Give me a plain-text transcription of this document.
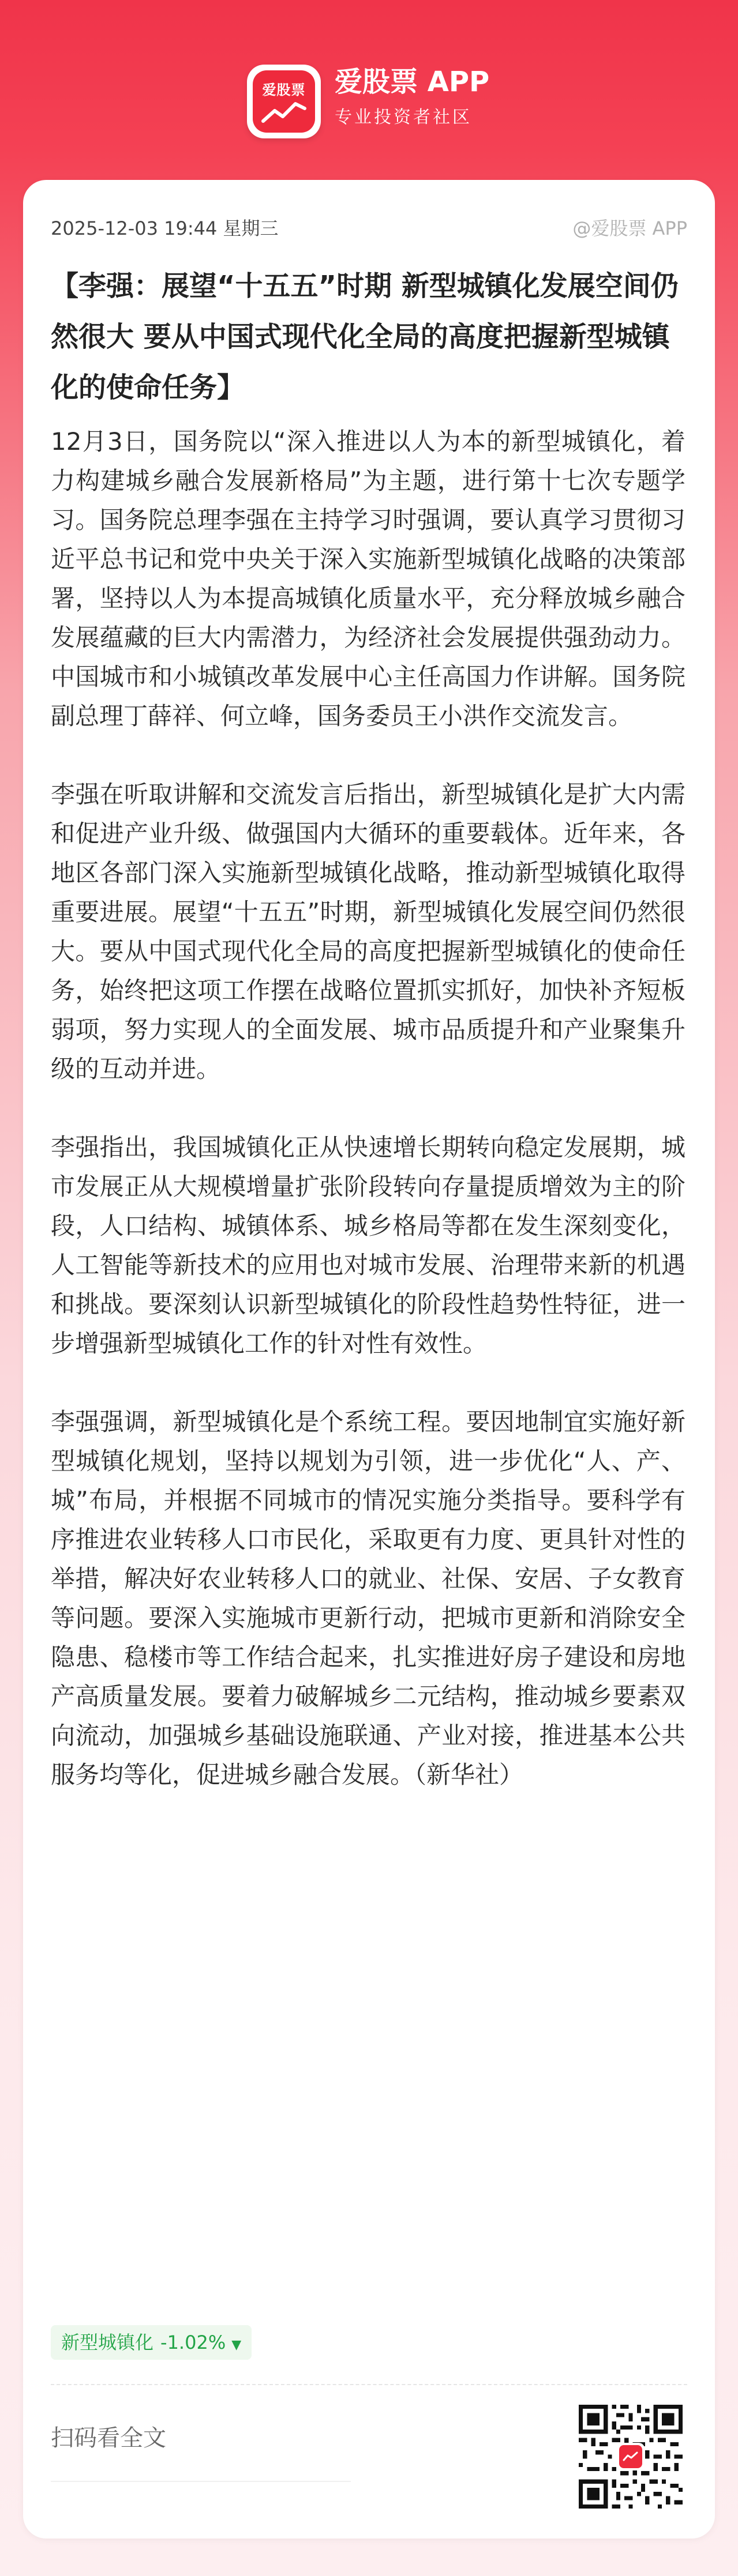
爱股票	爱股票 APP
专业投资者社区
2025-12-03 19:44 星期三	@爱股票 APP
【李强：展望“十五五”时期 新型城镇化发展空间仍然很大 要从中国式现代化全局的高度把握新型城镇化的使命任务】

12月3日，国务院以“深入推进以人为本的新型城镇化，着力构建城乡融合发展新格局”为主题，进行第十七次专题学习。国务院总理李强在主持学习时强调，要认真学习贯彻习近平总书记和党中央关于深入实施新型城镇化战略的决策部署，坚持以人为本提高城镇化质量水平，充分释放城乡融合发展蕴藏的巨大内需潜力，为经济社会发展提供强劲动力。中国城市和小城镇改革发展中心主任高国力作讲解。国务院副总理丁薛祥、何立峰，国务委员王小洪作交流发言。

李强在听取讲解和交流发言后指出，新型城镇化是扩大内需和促进产业升级、做强国内大循环的重要载体。近年来，各地区各部门深入实施新型城镇化战略，推动新型城镇化取得重要进展。展望“十五五”时期，新型城镇化发展空间仍然很大。要从中国式现代化全局的高度把握新型城镇化的使命任务，始终把这项工作摆在战略位置抓实抓好，加快补齐短板弱项，努力实现人的全面发展、城市品质提升和产业聚集升级的互动并进。

李强指出，我国城镇化正从快速增长期转向稳定发展期，城市发展正从大规模增量扩张阶段转向存量提质增效为主的阶段，人口结构、城镇体系、城乡格局等都在发生深刻变化，人工智能等新技术的应用也对城市发展、治理带来新的机遇和挑战。要深刻认识新型城镇化的阶段性趋势性特征，进一步增强新型城镇化工作的针对性有效性。

李强强调，新型城镇化是个系统工程。要因地制宜实施好新型城镇化规划，坚持以规划为引领，进一步优化“人、产、城”布局，并根据不同城市的情况实施分类指导。要科学有序推进农业转移人口市民化，采取更有力度、更具针对性的举措，解决好农业转移人口的就业、社保、安居、子女教育等问题。要深入实施城市更新行动，把城市更新和消除安全隐患、稳楼市等工作结合起来，扎实推进好房子建设和房地产高质量发展。要着力破解城乡二元结构，推动城乡要素双向流动，加强城乡基础设施联通、产业对接，推进基本公共服务均等化，促进城乡融合发展。（新华社）

新型城镇化 -1.02% ▼
扫码看全文
